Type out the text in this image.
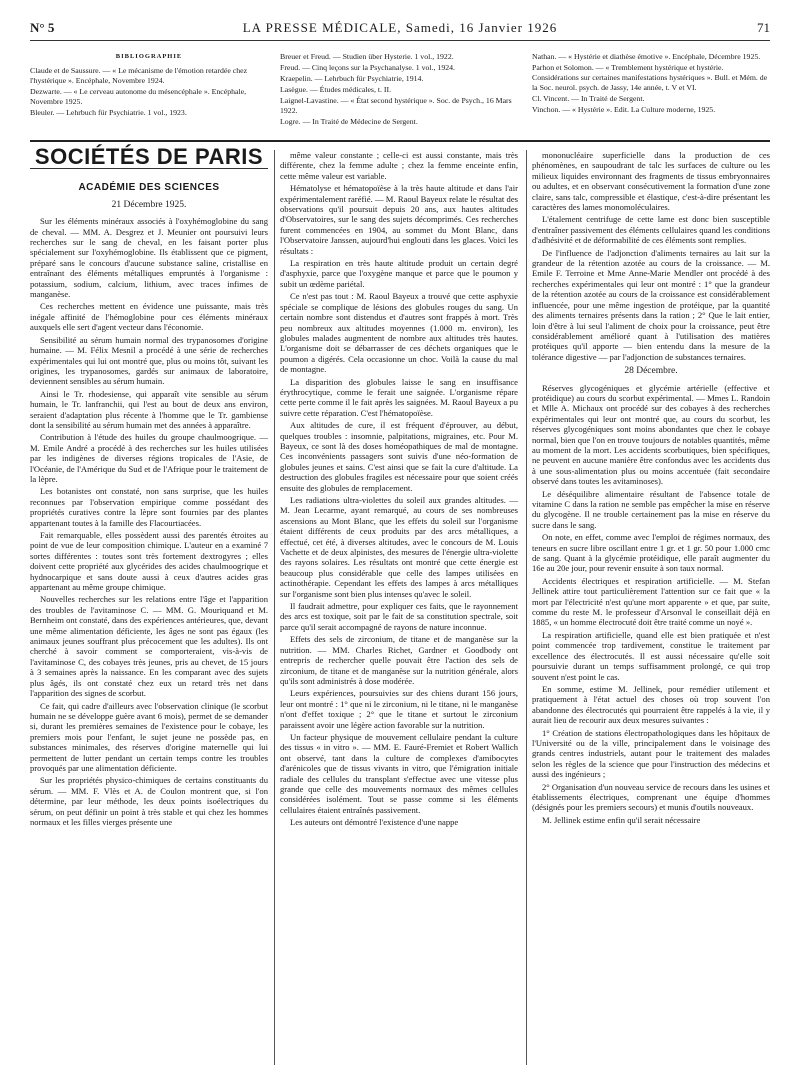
N° 5	LA PRESSE MÉDICALE, Samedi, 16 Janvier 1926	71
BIBLIOGRAPHIE

Claude et de Saussure. — « Le mécanisme de l'émotion retardée chez l'hystérique ». Encéphale, Novembre 1924.

Dezwarte. — « Le cerveau autonome du mésencéphale ». Encéphale, Novembre 1925.

Bleuler. — Lehrbuch für Psychiatrie. 1 vol., 1923.

Breuer et Freud. — Studien über Hysterie. 1 vol., 1922.

Freud. — Cinq leçons sur la Psychanalyse. 1 vol., 1924.

Kraepelin. — Lehrbuch für Psychiatrie, 1914.

Lasègue. — Études médicales, t. II.

Laignel-Lavastine. — « État second hystérique ». Soc. de Psych., 16 Mars 1922.

Logre. — In Traité de Médecine de Sergent.

Nathan. — « Hystérie et diathèse émotive ». Encéphale, Décembre 1925.

Parhon et Solomon. — « Tremblement hystérique et hystérie. Considérations sur certaines manifestations hystériques ». Bull. et Mém. de la Soc. neurol. psych. de Jassy, 14e année, t. V et VI.

Cl. Vincent. — In Traité de Sergent.

Vinchon. — « Hystérie ». Edit. La Culture moderne, 1925.

SOCIÉTÉS DE PARIS
ACADÉMIE DES SCIENCES
21 Décembre 1925.

Sur les éléments minéraux associés à l'oxyhémoglobine du sang de cheval. — MM. A. Desgrez et J. Meunier ont poursuivi leurs recherches sur le sang de cheval, en les faisant porter plus spécialement sur l'oxyhémoglobine. Ils établissent que ce pigment, préparé sans le concours d'aucune substance saline, cristallise en entraînant des éléments métalliques empruntés à l'organisme : potassium, sodium, calcium, lithium, avec traces infimes de manganèse.

Ces recherches mettent en évidence une puissante, mais très inégale affinité de l'hémoglobine pour ces éléments minéraux auxquels elle sert d'agent vecteur dans l'économie.

Sensibilité au sérum humain normal des trypanosomes d'origine humaine. — M. Félix Mesnil a procédé à une série de recherches expérimentales qui lui ont montré que, plus ou moins tôt, suivant les origines, les trypanosomes, gardés sur animaux de laboratoire, deviennent sensibles au sérum humain.

Ainsi le Tr. rhodesiense, qui apparaît vite sensible au sérum humain, le Tr. lanfranchii, qui l'est au bout de deux ans environ, seraient d'adaptation plus récente à l'homme que le Tr. gambiense dont la sensibilité au sérum humain met des années à apparaître.

Contribution à l'étude des huiles du groupe chaulmoogrique. — M. Emile André a procédé à des recherches sur les huiles utilisées par les indigènes de diverses régions tropicales de l'Asie, de l'Océanie, de l'Amérique du Sud et de l'Afrique pour le traitement de la lèpre.

Les botanistes ont constaté, non sans surprise, que les huiles reconnues par l'observation empirique comme possédant des propriétés curatives contre la lèpre sont fournies par des plantes appartenant toutes à la famille des Flacourtiacées.

Fait remarquable, elles possèdent aussi des parentés étroites au point de vue de leur composition chimique. L'auteur en a examiné 7 sortes différentes : toutes sont très fortement dextrogyres ; elles doivent cette propriété aux glycérides des acides chaulmoogrique et hydnocarpique et sans doute aussi à ceux d'autres acides gras appartenant au même groupe chimique.

Nouvelles recherches sur les relations entre l'âge et l'apparition des troubles de l'avitaminose C. — MM. G. Mouriquand et M. Bernheim ont constaté, dans des expériences antérieures, que, devant une même alimentation déficiente, les âges ne sont pas égaux (les animaux jeunes souffrant plus précocement que les adultes). Ils ont cherché à savoir comment se comporteraient, vis-à-vis de l'avitaminose C, des cobayes très jeunes, pris au chevet, de 15 jours à 3 semaines après la naissance. En les comparant avec des sujets plus âgés, ils ont constaté chez eux un retard très net dans l'apparition des signes de scorbut.

Ce fait, qui cadre d'ailleurs avec l'observation clinique (le scorbut humain ne se développe guère avant 6 mois), permet de se demander si, durant les premières semaines de l'existence pour le cobaye, les premiers mois pour l'enfant, le sujet jeune ne possède pas, en substances minimales, des réserves d'origine maternelle qui lui permettent de lutter pendant un certain temps contre les troubles provoqués par une alimentation déficiente.

Sur les propriétés physico-chimiques de certains constituants du sérum. — MM. F. Vlès et A. de Coulon montrent que, si l'on détermine, par leur méthode, les deux points isoélectriques du sérum, on peut définir un point à très stable et qui chez les hommes normaux et les filles vierges présente une

même valeur constante ; celle-ci est aussi constante, mais très différente, chez la femme adulte ; chez la femme enceinte enfin, cette même valeur est variable.

Hématolyse et hématopoïèse à la très haute altitude et dans l'air expérimentalement raréfié. — M. Raoul Bayeux relate le résultat des observations qu'il poursuit depuis 20 ans, aux hautes altitudes d'Observatoires, sur le sang des sujets décomprimés. Ces recherches furent commencées en 1904, au sommet du Mont Blanc, dans l'Observatoire Janssen, aujourd'hui englouti dans les glaces. Voici les résultats :

La respiration en très haute altitude produit un certain degré d'asphyxie, parce que l'oxygène manque et parce que le poumon y subit un œdème pariétal.

Ce n'est pas tout : M. Raoul Bayeux a trouvé que cette asphyxie spéciale se complique de lésions des globules rouges du sang. Un certain nombre sont distendus et d'autres sont frappés à mort. Très peu nombreux aux altitudes moyennes (1.000 m. environ), les globules malades augmentent de nombre aux altitudes très hautes. L'organisme doit se débarrasser de ces déchets organiques que le poumon a digérés. Cela occasionne un choc. Voilà la cause du mal de montagne.

La disparition des globules laisse le sang en insuffisance érythrocytique, comme le ferait une saignée. L'organisme répare cette perte comme il le fait après les saignées. M. Raoul Bayeux a pu suivre cette réparation. C'est l'hématopoïèse.

Aux altitudes de cure, il est fréquent d'éprouver, au début, quelques troubles : insomnie, palpitations, migraines, etc. Pour M. Bayeux, ce sont là des doses homéopathiques de mal de montagne. Ces inconvénients passagers sont suivis d'une néo-formation de globules jeunes et sains. C'est ainsi que se fait la cure d'altitude. La destruction des globules fragiles est nécessaire pour que soient créés ensuite des globules de remplacement.

Les radiations ultra-violettes du soleil aux grandes altitudes. — M. Jean Lecarme, ayant remarqué, au cours de ses nombreuses ascensions au Mont Blanc, que les effets du soleil sur l'organisme étaient différents de ceux produits par des arcs métalliques, a effectué, cet été, à diverses altitudes, avec le concours de M. Louis Vachette et de deux alpinistes, des mesures de l'énergie ultra-violette des rayons solaires. Les résultats ont montré que cette énergie est beaucoup plus considérable que celle des lampes utilisées en actinothérapie. Cependant les effets des lampes à arcs métalliques sur l'organisme sont bien plus intenses qu'avec le soleil.

Il faudrait admettre, pour expliquer ces faits, que le rayonnement des arcs est toxique, soit par le fait de sa constitution spectrale, soit parce qu'il serait accompagné de rayons de nature inconnue.

Effets des sels de zirconium, de titane et de manganèse sur la nutrition. — MM. Charles Richet, Gardner et Goodbody ont entrepris de rechercher quelle pouvait être l'action des sels de zirconium, de titane et de manganèse sur la nutrition générale, alors qu'ils sont administrés à dose modérée.

Leurs expériences, poursuivies sur des chiens durant 156 jours, leur ont montré : 1° que ni le zirconium, ni le titane, ni le manganèse n'ont d'effet toxique ; 2° que le titane et surtout le zirconium paraissent avoir une légère action favorable sur la nutrition.

Un facteur physique de mouvement cellulaire pendant la culture des tissus « in vitro ». — MM. E. Fauré-Fremiet et Robert Wallich ont observé, tant dans la culture de complexes d'amibocytes d'arénicoles que de tissus vivants in vitro, que l'émigration initiale radiale des cellules du transplant s'effectue avec une vitesse plus grande que celle des mouvements normaux des mêmes cellules considérées isolément. Tout se passe comme si les éléments cellulaires étaient entraînés passivement.

Les auteurs ont démontré l'existence d'une nappe

mononucléaire superficielle dans la production de ces phénomènes, en saupoudrant de talc les surfaces de culture ou les milieux liquides environnant des fragments de tissus embryonnaires ou adultes, et en observant consécutivement la formation d'une zone claire, sans talc, compressible et élastique, c'est-à-dire présentant les caractères des lames monomoléculaires.

L'étalement centrifuge de cette lame est donc bien susceptible d'entraîner passivement des éléments cellulaires quand les conditions d'adhésivité et de déformabilité de ces éléments sont remplies.

De l'influence de l'adjonction d'aliments ternaires au lait sur la grandeur de la rétention azotée au cours de la croissance. — M. Emile F. Terroine et Mme Anne-Marie Mendler ont procédé à des recherches expérimentales qui leur ont montré : 1° que la grandeur de la rétention azotée au cours de la croissance est considérablement influencée, pour une même ingestion de protéique, par la quantité des aliments ternaires présents dans la ration ; 2° Que le lait entier, loin d'être à lui seul l'aliment de choix pour la croissance, peut être considérablement amélioré quant à l'utilisation des matières protéiques qu'il apporte — bien entendu dans la mesure de la tolérance digestive — par l'adjonction de substances ternaires.

28 Décembre.

Réserves glycogéniques et glycémie artérielle (effective et protéidique) au cours du scorbut expérimental. — Mmes L. Randoin et Mlle A. Michaux ont procédé sur des cobayes à des recherches expérimentales qui leur ont montré que, au cours du scorbut, les réserves glycogéniques sont moins abondantes que chez le cobaye normal, bien que l'on en trouve toujours de notables quantités, même au moment de la mort. Les accidents scorbutiques, bien spécifiques, ne peuvent en aucune manière être confondus avec les accidents dus à une sous-alimentation plus ou moins accentuée (fait secondaire observé dans toutes les avitaminoses).

Le déséquilibre alimentaire résultant de l'absence totale de vitamine C dans la ration ne semble pas empêcher la mise en réserve du glycogène. Il ne trouble certainement pas la mise en réserve du sucre dans le sang.

On note, en effet, comme avec l'emploi de régimes normaux, des teneurs en sucre libre oscillant entre 1 gr. et 1 gr. 50 pour 1.000 cmc de sang. Quant à la glycémie protéidique, elle paraît augmenter du 16e au 20e jour, pour revenir ensuite à son taux normal.

Accidents électriques et respiration artificielle. — M. Stefan Jellinek attire tout particulièrement l'attention sur ce fait que « la mort par l'électricité n'est qu'une mort apparente » et que, par suite, comme du reste M. le professeur d'Arsonval le conseillait déjà en 1885, « un homme électrocuté doit être traité comme un noyé ».

La respiration artificielle, quand elle est bien pratiquée et n'est point commencée trop tardivement, constitue le traitement par excellence des électrocutés. Il est aussi nécessaire qu'elle soit poursuivie durant un temps suffisamment prolongé, ce qui trop souvent n'est point le cas.

En somme, estime M. Jellinek, pour remédier utilement et pratiquement à l'état actuel des choses où trop souvent l'on abandonne des électrocutés qui pourraient être rappelés à la vie, il y aurait lieu de recourir aux deux mesures suivantes :

1° Création de stations électropathologiques dans les hôpitaux de l'Université ou de la ville, principalement dans le voisinage des grands centres industriels, autant pour le traitement des malades selon les règles de la science que pour l'instruction des médecins et aussi des ingénieurs ;

2° Organisation d'un nouveau service de recours dans les usines et établissements électriques, comprenant une équipe d'hommes (désignés pour les premiers secours) et munis d'outils nouveaux.

M. Jellinek estime enfin qu'il serait nécessaire
